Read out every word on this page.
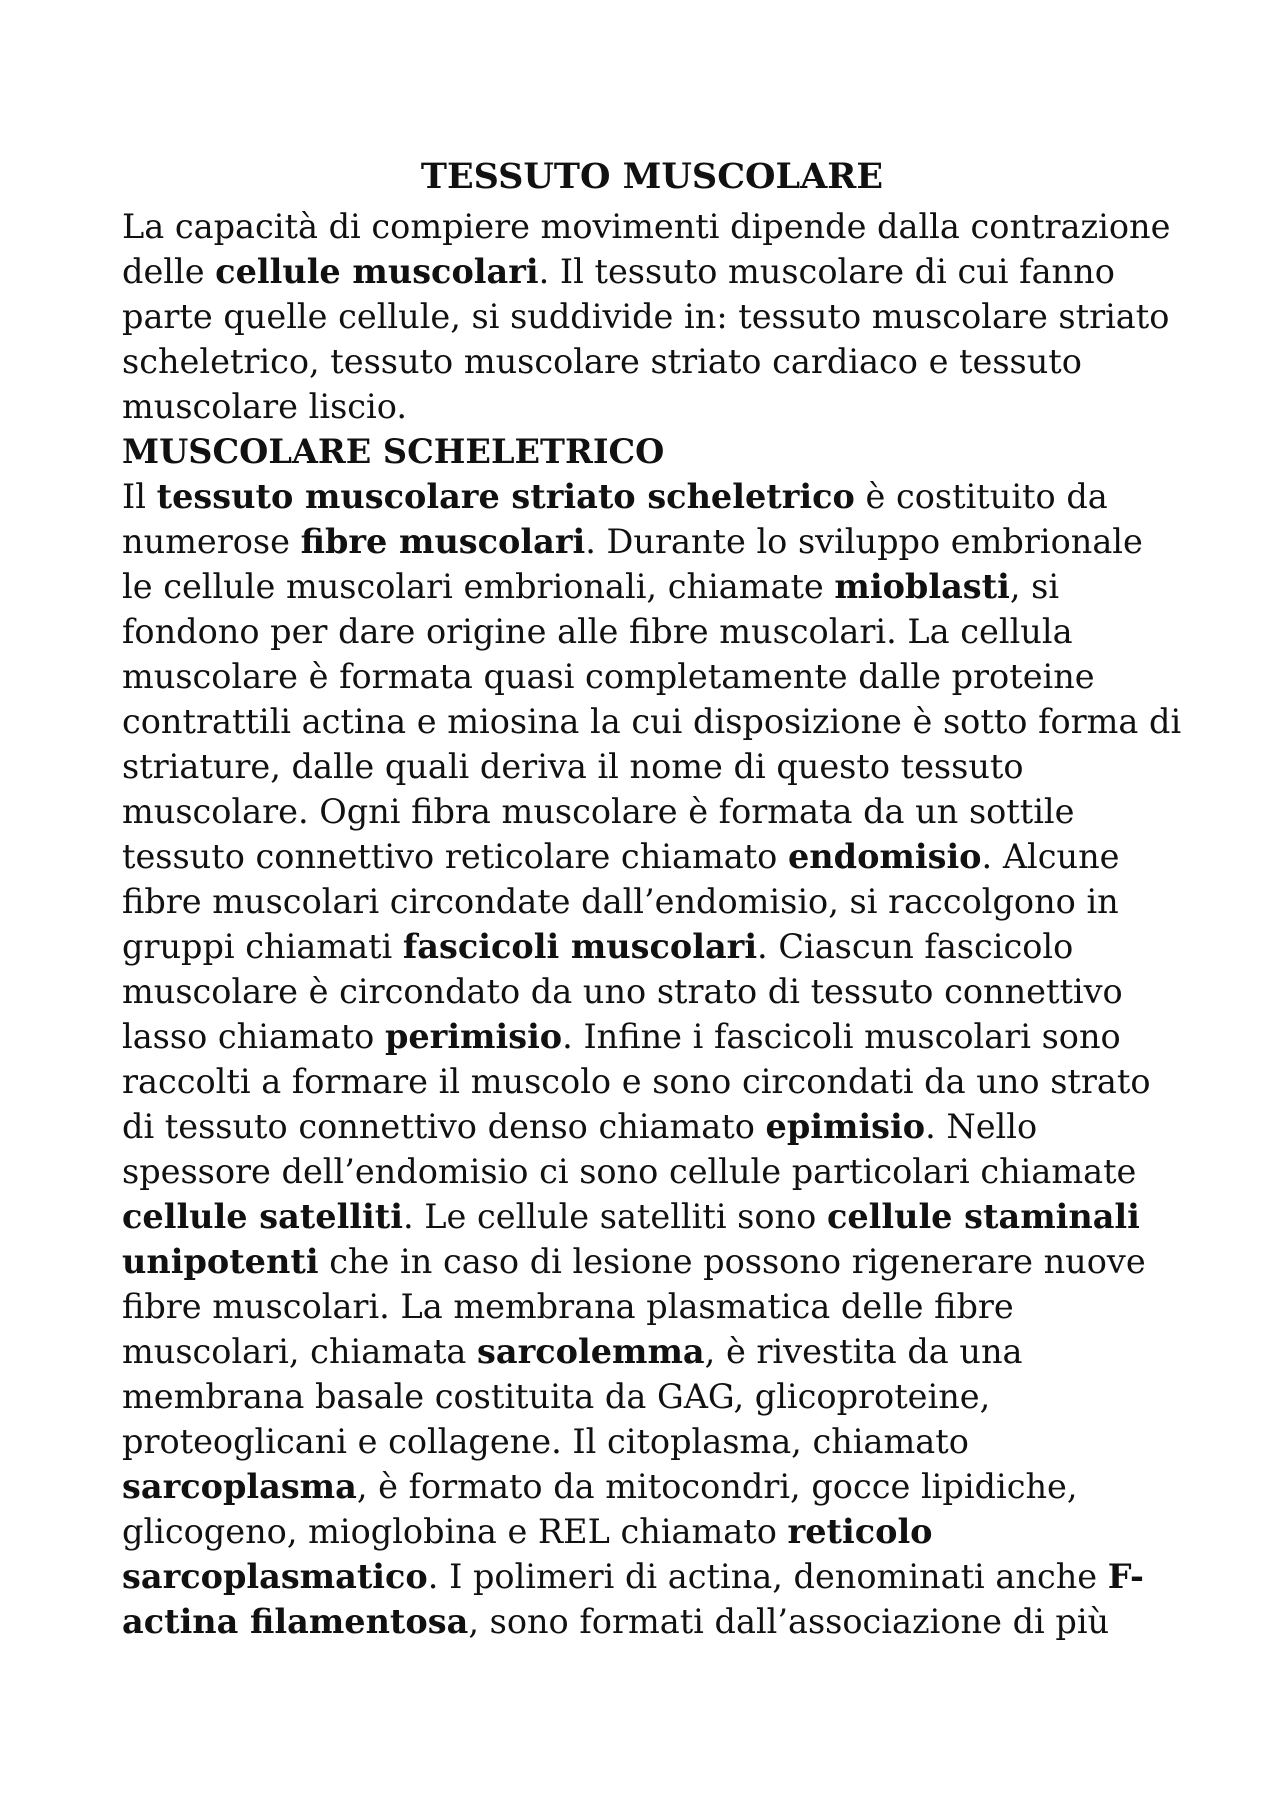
TESSUTO MUSCOLARE

La capacità di compiere movimenti dipende dalla contrazione delle cellule muscolari. Il tessuto muscolare di cui fanno parte quelle cellule, si suddivide in: tessuto muscolare striato scheletrico, tessuto muscolare striato cardiaco e tessuto muscolare liscio.

MUSCOLARE SCHELETRICO

Il tessuto muscolare striato scheletrico è costituito da numerose fibre muscolari. Durante lo sviluppo embrionale le cellule muscolari embrionali, chiamate mioblasti, si fondono per dare origine alle fibre muscolari. La cellula muscolare è formata quasi completamente dalle proteine contrattili actina e miosina la cui disposizione è sotto forma di striature, dalle quali deriva il nome di questo tessuto muscolare. Ogni fibra muscolare è formata da un sottile tessuto connettivo reticolare chiamato endomisio. Alcune fibre muscolari circondate dall’endomisio, si raccolgono in gruppi chiamati fascicoli muscolari. Ciascun fascicolo muscolare è circondato da uno strato di tessuto connettivo lasso chiamato perimisio. Infine i fascicoli muscolari sono raccolti a formare il muscolo e sono circondati da uno strato di tessuto connettivo denso chiamato epimisio. Nello spessore dell’endomisio ci sono cellule particolari chiamate cellule satelliti. Le cellule satelliti sono cellule staminali unipotenti che in caso di lesione possono rigenerare nuove fibre muscolari. La membrana plasmatica delle fibre muscolari, chiamata sarcolemma, è rivestita da una membrana basale costituita da GAG, glicoproteine, proteoglicani e collagene. Il citoplasma, chiamato sarcoplasma, è formato da mitocondri, gocce lipidiche, glicogeno, mioglobina e REL chiamato reticolo sarcoplasmatico. I polimeri di actina, denominati anche F-actina filamentosa, sono formati dall’associazione di più
